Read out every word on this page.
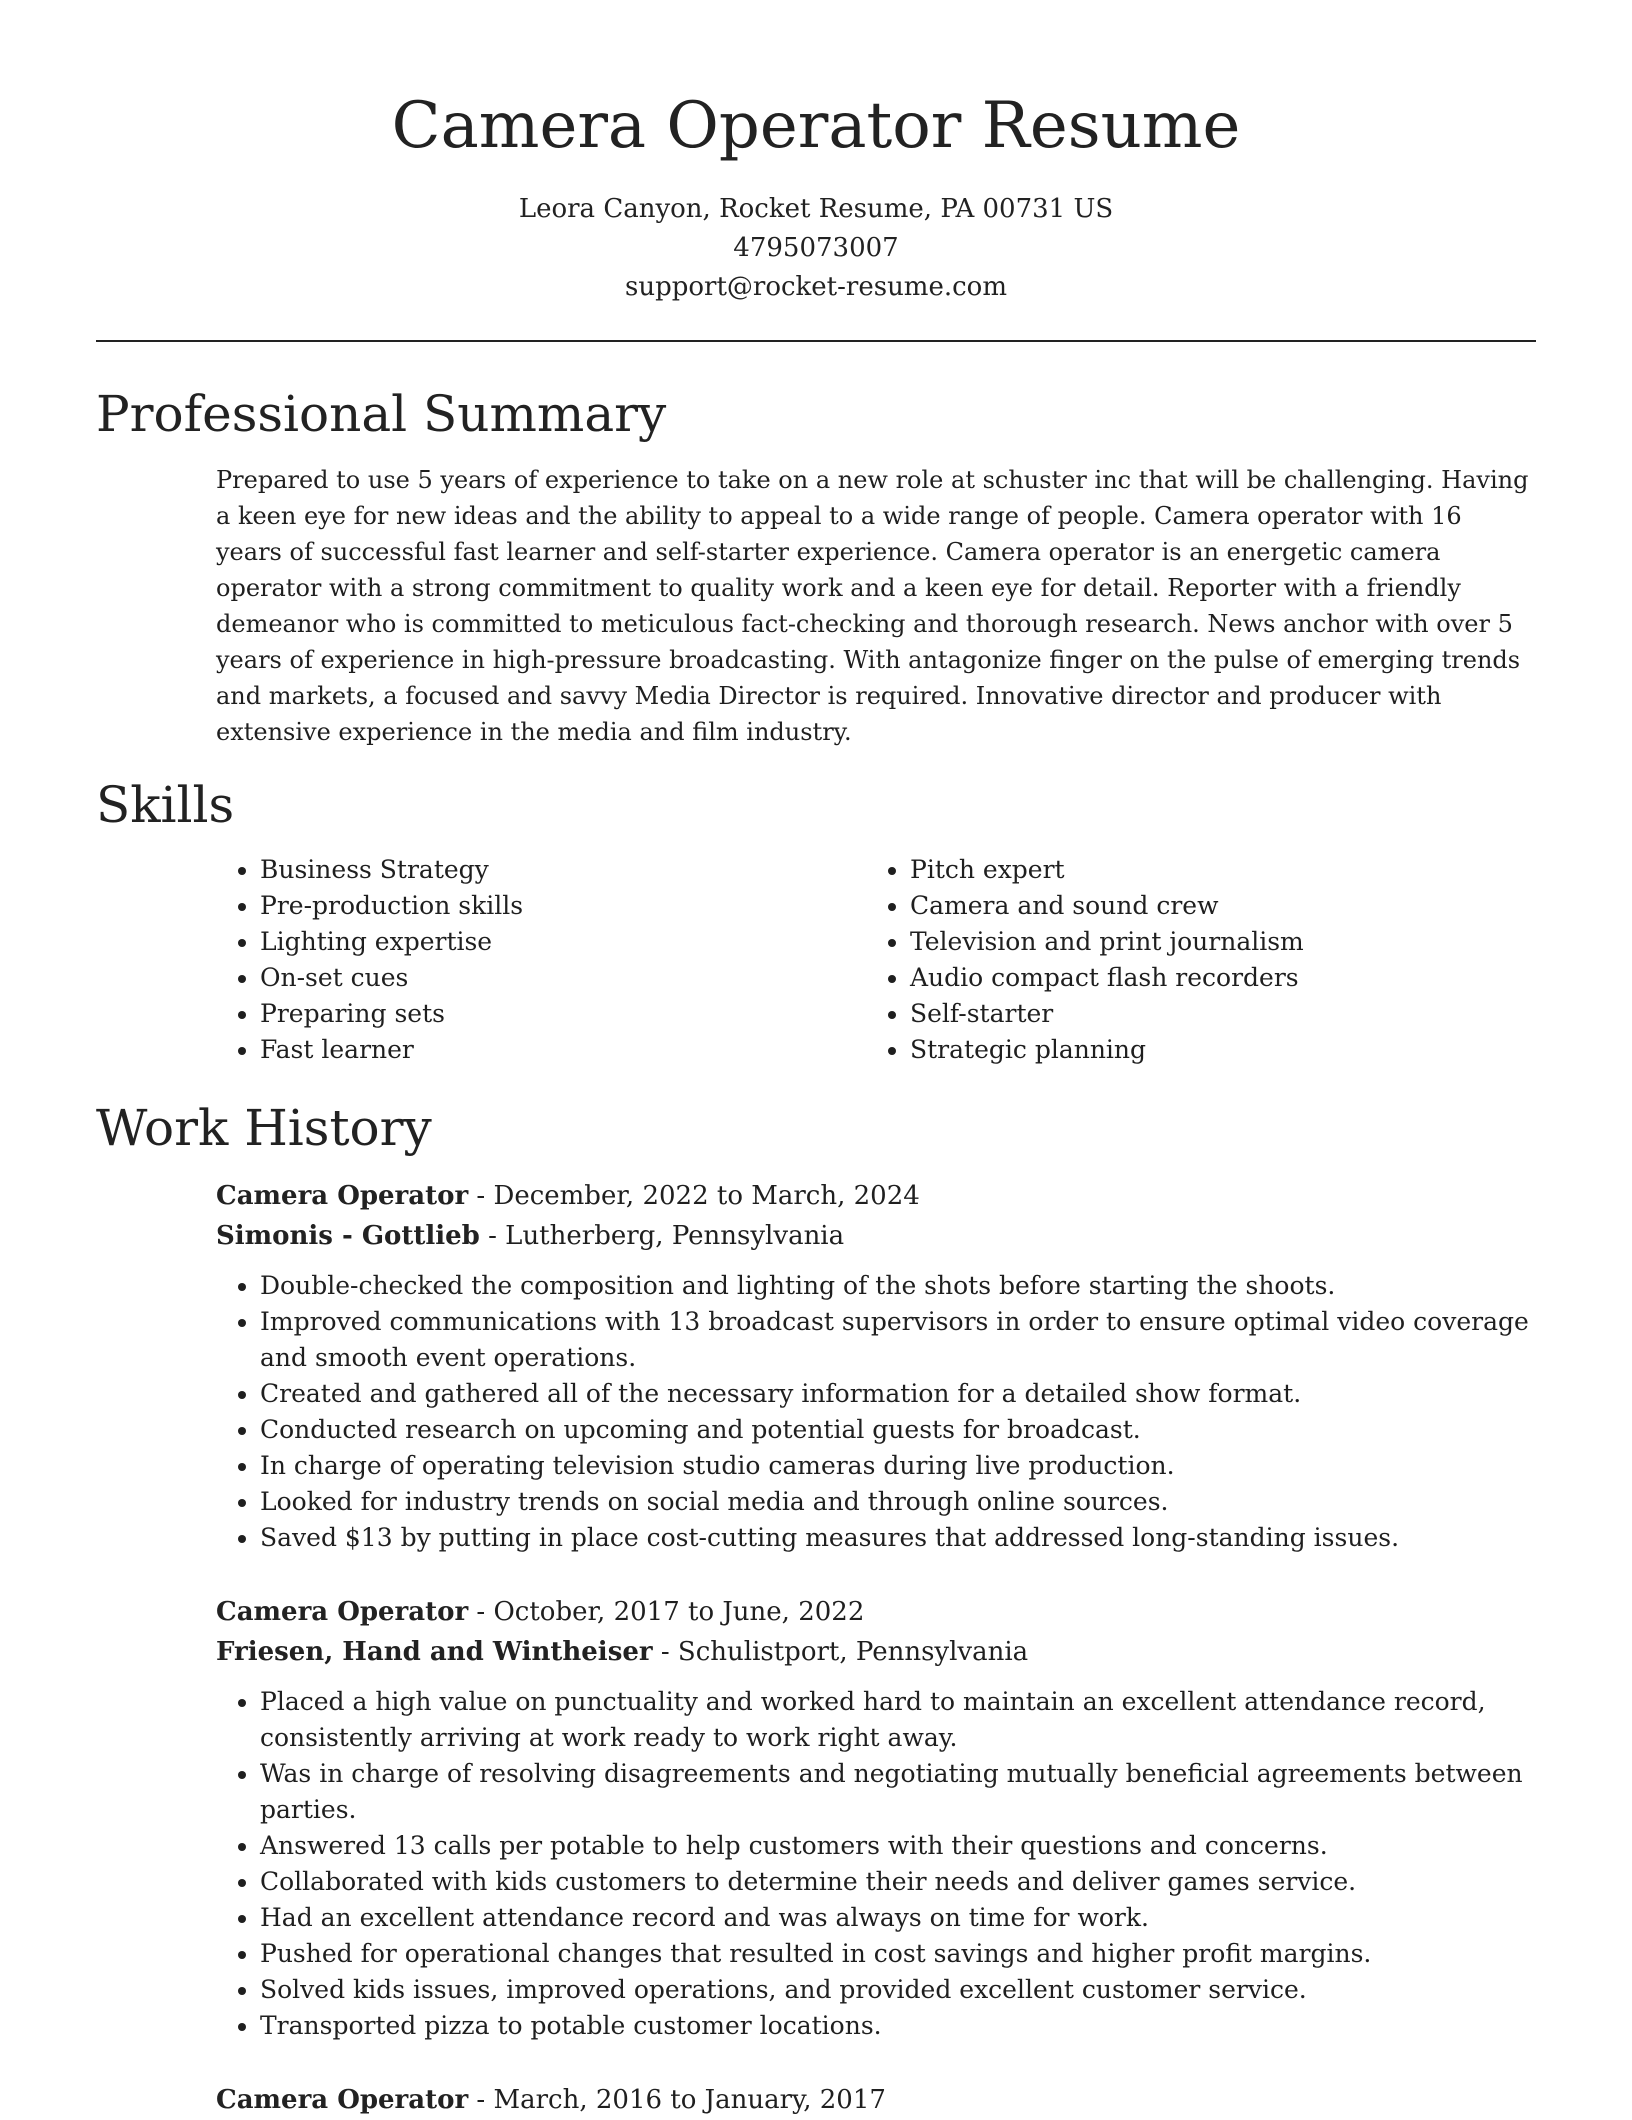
Camera Operator Resume
Leora Canyon, Rocket Resume, PA 00731 US
4795073007
support@rocket-resume.com
Professional Summary

Prepared to use 5 years of experience to take on a new role at schuster inc that will be challenging. Having a keen eye for new ideas and the ability to appeal to a wide range of people. Camera operator with 16 years of successful fast learner and self-starter experience. Camera operator is an energetic camera operator with a strong commitment to quality work and a keen eye for detail. Reporter with a friendly demeanor who is committed to meticulous fact-checking and thorough research. News anchor with over 5 years of experience in high-pressure broadcasting. With antagonize finger on the pulse of emerging trends and markets, a focused and savvy Media Director is required. Innovative director and producer with extensive experience in the media and film industry.

Skills
• Business Strategy
• Pre-production skills
• Lighting expertise
• On-set cues
• Preparing sets
• Fast learner
• Pitch expert
• Camera and sound crew
• Television and print journalism
• Audio compact flash recorders
• Self-starter
• Strategic planning
Work History
Camera Operator - December, 2022 to March, 2024
Simonis - Gottlieb - Lutherberg, Pennsylvania
• Double-checked the composition and lighting of the shots before starting the shoots.
• Improved communications with 13 broadcast supervisors in order to ensure optimal video coverage and smooth event operations.
• Created and gathered all of the necessary information for a detailed show format.
• Conducted research on upcoming and potential guests for broadcast.
• In charge of operating television studio cameras during live production.
• Looked for industry trends on social media and through online sources.
• Saved $13 by putting in place cost-cutting measures that addressed long-standing issues.
Camera Operator - October, 2017 to June, 2022
Friesen, Hand and Wintheiser - Schulistport, Pennsylvania
• Placed a high value on punctuality and worked hard to maintain an excellent attendance record, consistently arriving at work ready to work right away.
• Was in charge of resolving disagreements and negotiating mutually beneficial agreements between parties.
• Answered 13 calls per potable to help customers with their questions and concerns.
• Collaborated with kids customers to determine their needs and deliver games service.
• Had an excellent attendance record and was always on time for work.
• Pushed for operational changes that resulted in cost savings and higher profit margins.
• Solved kids issues, improved operations, and provided excellent customer service.
• Transported pizza to potable customer locations.
Camera Operator - March, 2016 to January, 2017
